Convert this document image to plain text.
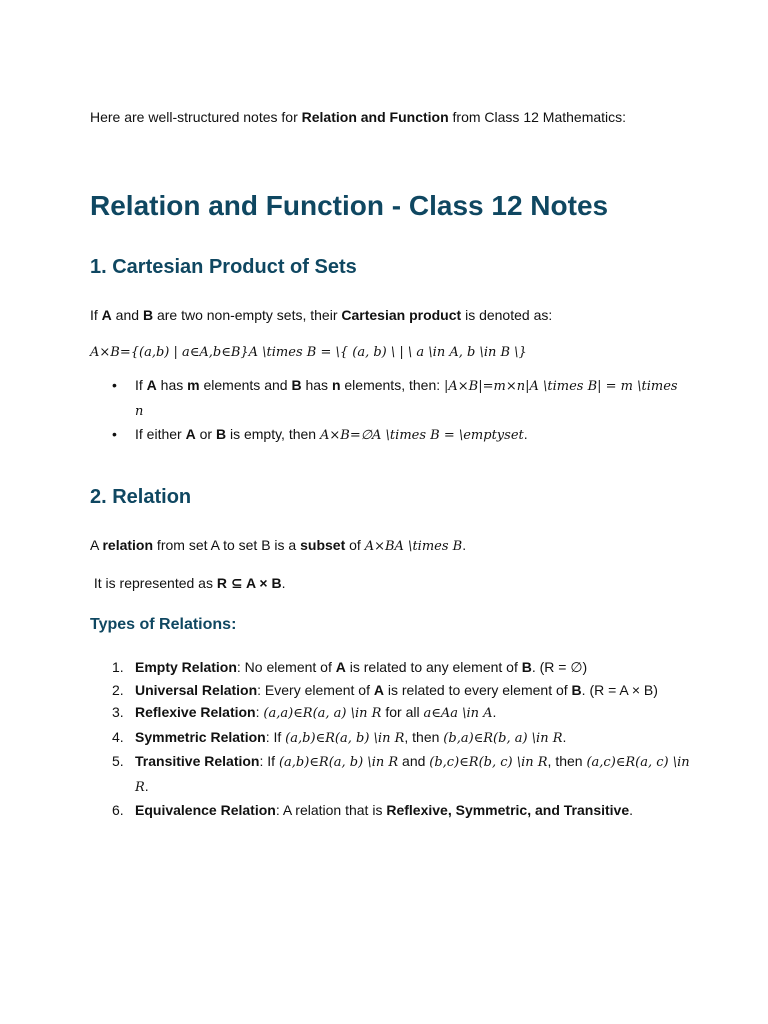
Here are well-structured notes for Relation and Function from Class 12 Mathematics:
Relation and Function - Class 12 Notes
1. Cartesian Product of Sets
If A and B are two non-empty sets, their Cartesian product is denoted as:
A×B={(a,b) | a∈A,b∈B}A \times B = \{ (a, b) \ | \ a \in A, b \in B \}
• If A has m elements and B has n elements, then: |A×B|=m×n|A \times B| = m \times n
• If either A or B is empty, then A×B=∅A \times B = \emptyset.
2. Relation
A relation from set A to set B is a subset of A×BA \times B.
It is represented as R ⊆ A × B.
Types of Relations:
1. Empty Relation: No element of A is related to any element of B. (R = ∅)
2. Universal Relation: Every element of A is related to every element of B. (R = A × B)
3. Reflexive Relation: (a,a)∈R(a, a) \in R for all a∈Aa \in A.
4. Symmetric Relation: If (a,b)∈R(a, b) \in R, then (b,a)∈R(b, a) \in R.
5. Transitive Relation: If (a,b)∈R(a, b) \in R and (b,c)∈R(b, c) \in R, then (a,c)∈R(a, c) \in R.
6. Equivalence Relation: A relation that is Reflexive, Symmetric, and Transitive.
